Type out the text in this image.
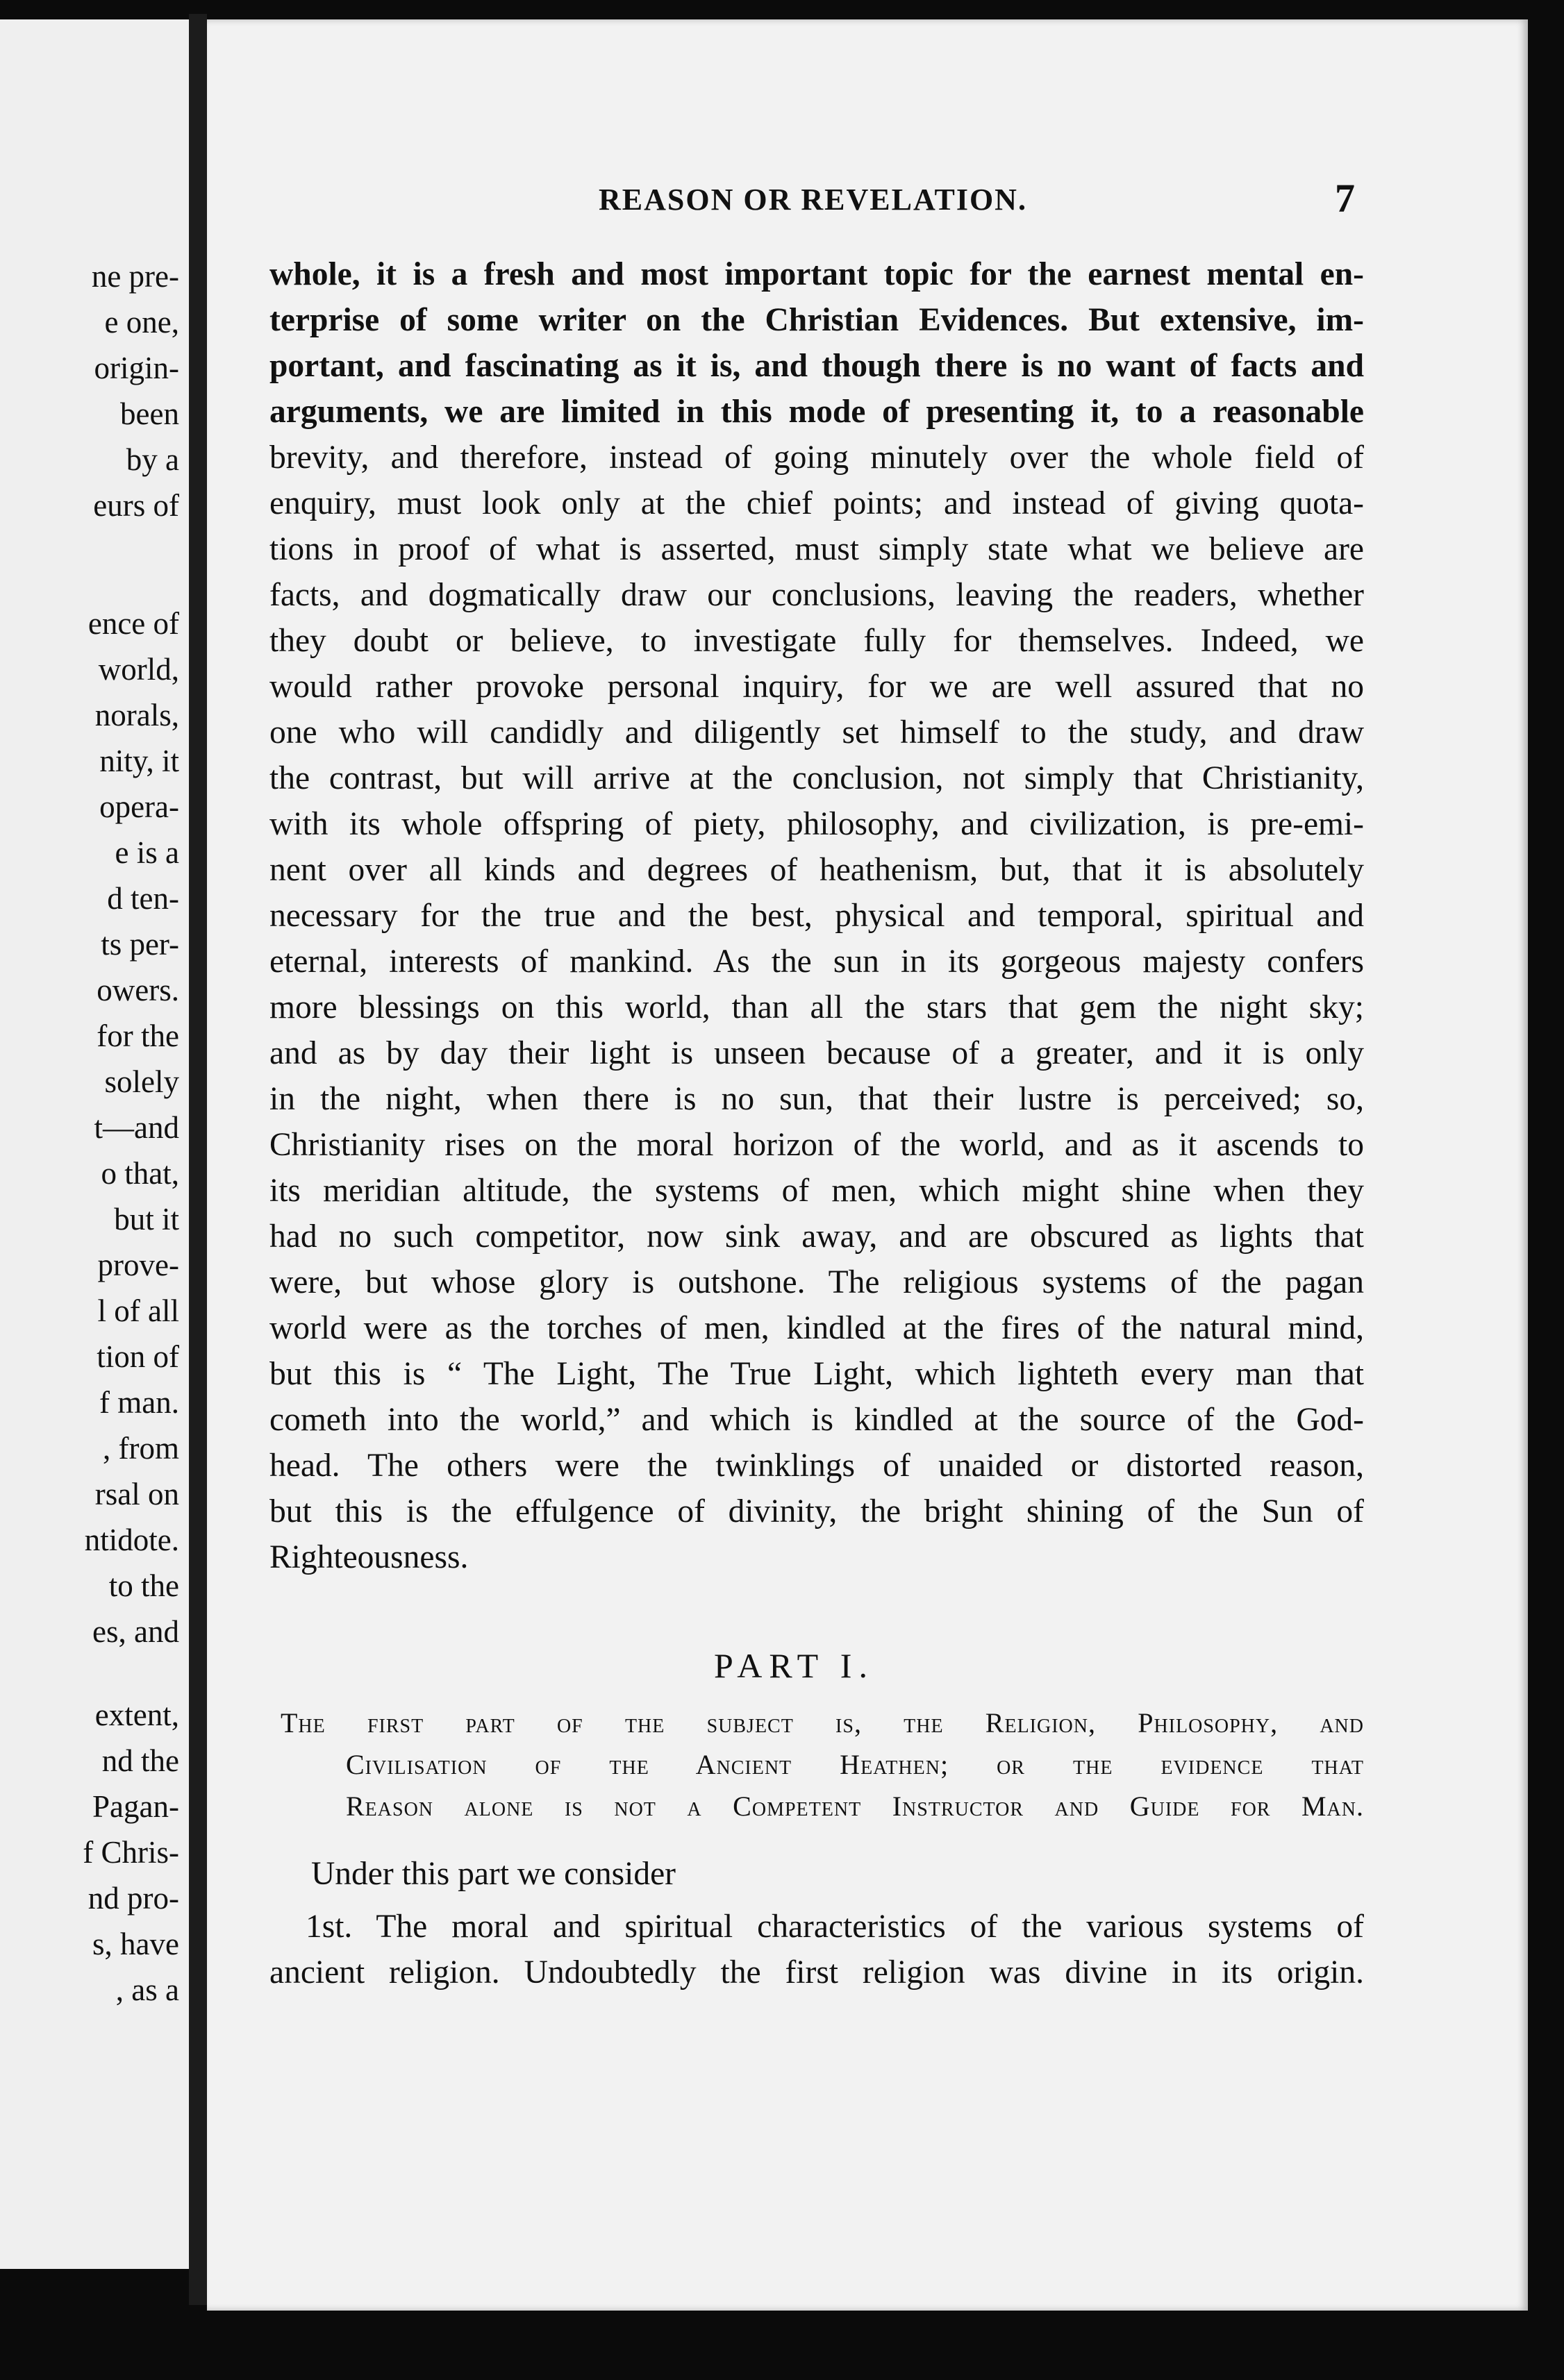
ne pre-
e one,
origin-
been
by a
eurs of
ence of
world,
norals,
nity, it
opera-
e is a
d ten-
ts per-
owers.
for the
solely
t—and
o that,
but it
prove-
l of all
tion of
f man.
, from
rsal on
ntidote.
to the
es, and
extent,
nd the
Pagan-
f Chris-
nd pro-
s, have
, as a
REASON OR REVELATION.	7
whole, it is a fresh and most important topic for the earnest mental en-
terprise of some writer on the Christian Evidences. But extensive, im-
portant, and fascinating as it is, and though there is no want of facts and
arguments, we are limited in this mode of presenting it, to a reasonable
brevity, and therefore, instead of going minutely over the whole field of
enquiry, must look only at the chief points; and instead of giving quota-
tions in proof of what is asserted, must simply state what we believe are
facts, and dogmatically draw our conclusions, leaving the readers, whether
they doubt or believe, to investigate fully for themselves. Indeed, we
would rather provoke personal inquiry, for we are well assured that no
one who will candidly and diligently set himself to the study, and draw
the contrast, but will arrive at the conclusion, not simply that Christianity,
with its whole offspring of piety, philosophy, and civilization, is pre-emi-
nent over all kinds and degrees of heathenism, but, that it is absolutely
necessary for the true and the best, physical and temporal, spiritual and
eternal, interests of mankind. As the sun in its gorgeous majesty confers
more blessings on this world, than all the stars that gem the night sky;
and as by day their light is unseen because of a greater, and it is only
in the night, when there is no sun, that their lustre is perceived; so,
Christianity rises on the moral horizon of the world, and as it ascends to
its meridian altitude, the systems of men, which might shine when they
had no such competitor, now sink away, and are obscured as lights that
were, but whose glory is outshone. The religious systems of the pagan
world were as the torches of men, kindled at the fires of the natural mind,
but this is “ The Light, The True Light, which lighteth every man that
cometh into the world,” and which is kindled at the source of the God-
head. The others were the twinklings of unaided or distorted reason,
but this is the effulgence of divinity, the bright shining of the Sun of
Righteousness.
PART I.
The first part of the subject is, the Religion, Philosophy, and
Civilisation of the Ancient Heathen; or the evidence that
Reason alone is not a Competent Instructor and Guide for Man.
Under this part we consider
1st. The moral and spiritual characteristics of the various systems of
ancient religion. Undoubtedly the first religion was divine in its origin.
